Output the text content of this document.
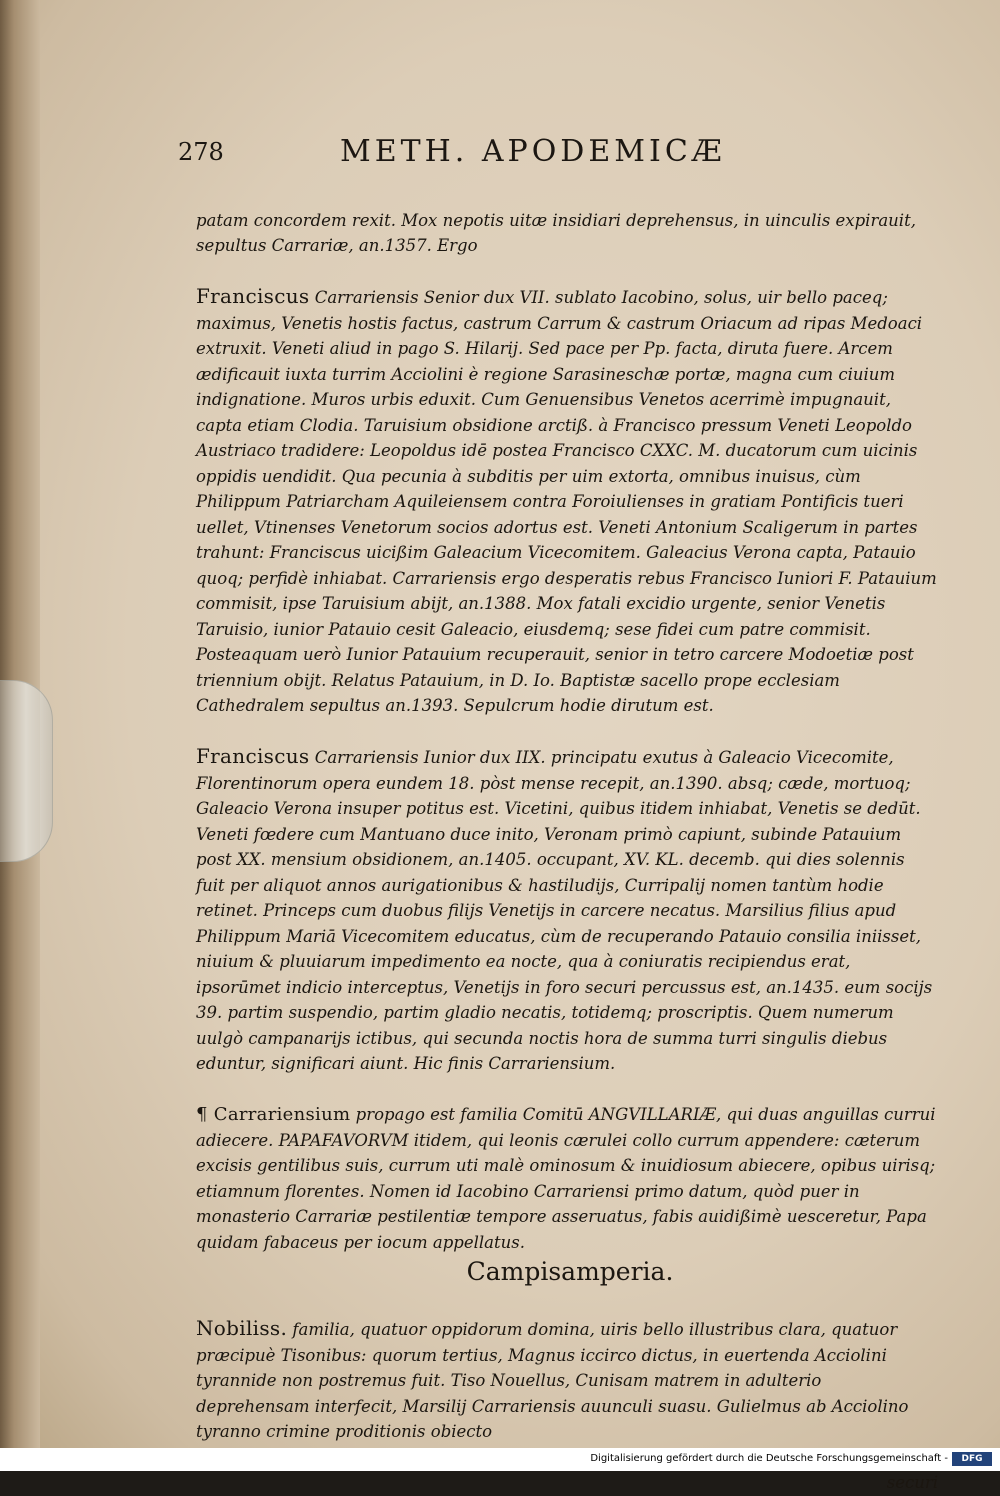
278	METH. APODEMICÆ

patam concordem rexit. Mox nepotis uitæ insidiari deprehensus, in uinculis expirauit, sepultus Carrariæ, an.1357. Ergo

Franciscus Carrariensis Senior dux VII. sublato Iacobino, solus, uir bello paceq; maximus, Venetis hostis factus, castrum Carrum & castrum Oriacum ad ripas Medoaci extruxit. Veneti aliud in pago S. Hilarij. Sed pace per Pp. facta, diruta fuere. Arcem ædificauit iuxta turrim Acciolini è regione Sarasineschæ portæ, magna cum ciuium indignatione. Muros urbis eduxit. Cum Genuensibus Venetos acerrimè impugnauit, capta etiam Clodia. Taruisium obsidione arctiß. à Francisco pressum Veneti Leopoldo Austriaco tradidere: Leopoldus idē postea Francisco CXXC. M. ducatorum cum uicinis oppidis uendidit. Qua pecunia à subditis per uim extorta, omnibus inuisus, cùm Philippum Patriarcham Aquileiensem contra Foroiulienses in gratiam Pontificis tueri uellet, Vtinenses Venetorum socios adortus est. Veneti Antonium Scaligerum in partes trahunt: Franciscus uicißim Galeacium Vicecomitem. Galeacius Verona capta, Patauio quoq; perfidè inhiabat. Carrariensis ergo desperatis rebus Francisco Iuniori F. Patauium commisit, ipse Taruisium abijt, an.1388. Mox fatali excidio urgente, senior Venetis Taruisio, iunior Patauio cesit Galeacio, eiusdemq; sese fidei cum patre commisit. Posteaquam uerò Iunior Patauium recuperauit, senior in tetro carcere Modoetiæ post triennium obijt. Relatus Patauium, in D. Io. Baptistæ sacello prope ecclesiam Cathedralem sepultus an.1393. Sepulcrum hodie dirutum est.

Franciscus Carrariensis Iunior dux IIX. principatu exutus à Galeacio Vicecomite, Florentinorum opera eundem 18. pòst mense recepit, an.1390. absq; cæde, mortuoq; Galeacio Verona insuper potitus est. Vicetini, quibus itidem inhiabat, Venetis se dedūt. Veneti fœdere cum Mantuano duce inito, Veronam primò capiunt, subinde Patauium post XX. mensium obsidionem, an.1405. occupant, XV. KL. decemb. qui dies solennis fuit per aliquot annos aurigationibus & hastiludijs, Curripalij nomen tantùm hodie retinet. Princeps cum duobus filijs Venetijs in carcere necatus. Marsilius filius apud Philippum Mariā Vicecomitem educatus, cùm de recuperando Patauio consilia iniisset, niuium & pluuiarum impedimento ea nocte, qua à coniuratis recipiendus erat, ipsorūmet indicio interceptus, Venetijs in foro securi percussus est, an.1435. eum socijs 39. partim suspendio, partim gladio necatis, totidemq; proscriptis. Quem numerum uulgò campanarijs ictibus, qui secunda noctis hora de summa turri singulis diebus eduntur, significari aiunt. Hic finis Carrariensium.

¶ Carrariensium propago est familia Comitū ANGVILLARIÆ, qui duas anguillas currui adiecere. PAPAFAVORVM itidem, qui leonis cærulei collo currum appendere: cæterum excisis gentilibus suis, currum uti malè ominosum & inuidiosum abiecere, opibus uirisq; etiamnum florentes. Nomen id Iacobino Carrariensi primo datum, quòd puer in monasterio Carrariæ pestilentiæ tempore asseruatus, fabis auidißimè uesceretur, Papa quidam fabaceus per iocum appellatus.

Campisamperia.

Nobiliss. familia, quatuor oppidorum domina, uiris bello illustribus clara, quatuor præcipuè Tisonibus: quorum tertius, Magnus iccirco dictus, in euertenda Acciolini tyrannide non postremus fuit. Tiso Nouellus, Cunisam matrem in adulterio deprehensam interfecit, Marsilij Carrariensis auunculi suasu. Gulielmus ab Acciolino tyranno crimine proditionis obiecto

securi

Digitalisierung gefördert durch die Deutsche Forschungsgemeinschaft -	DFG
